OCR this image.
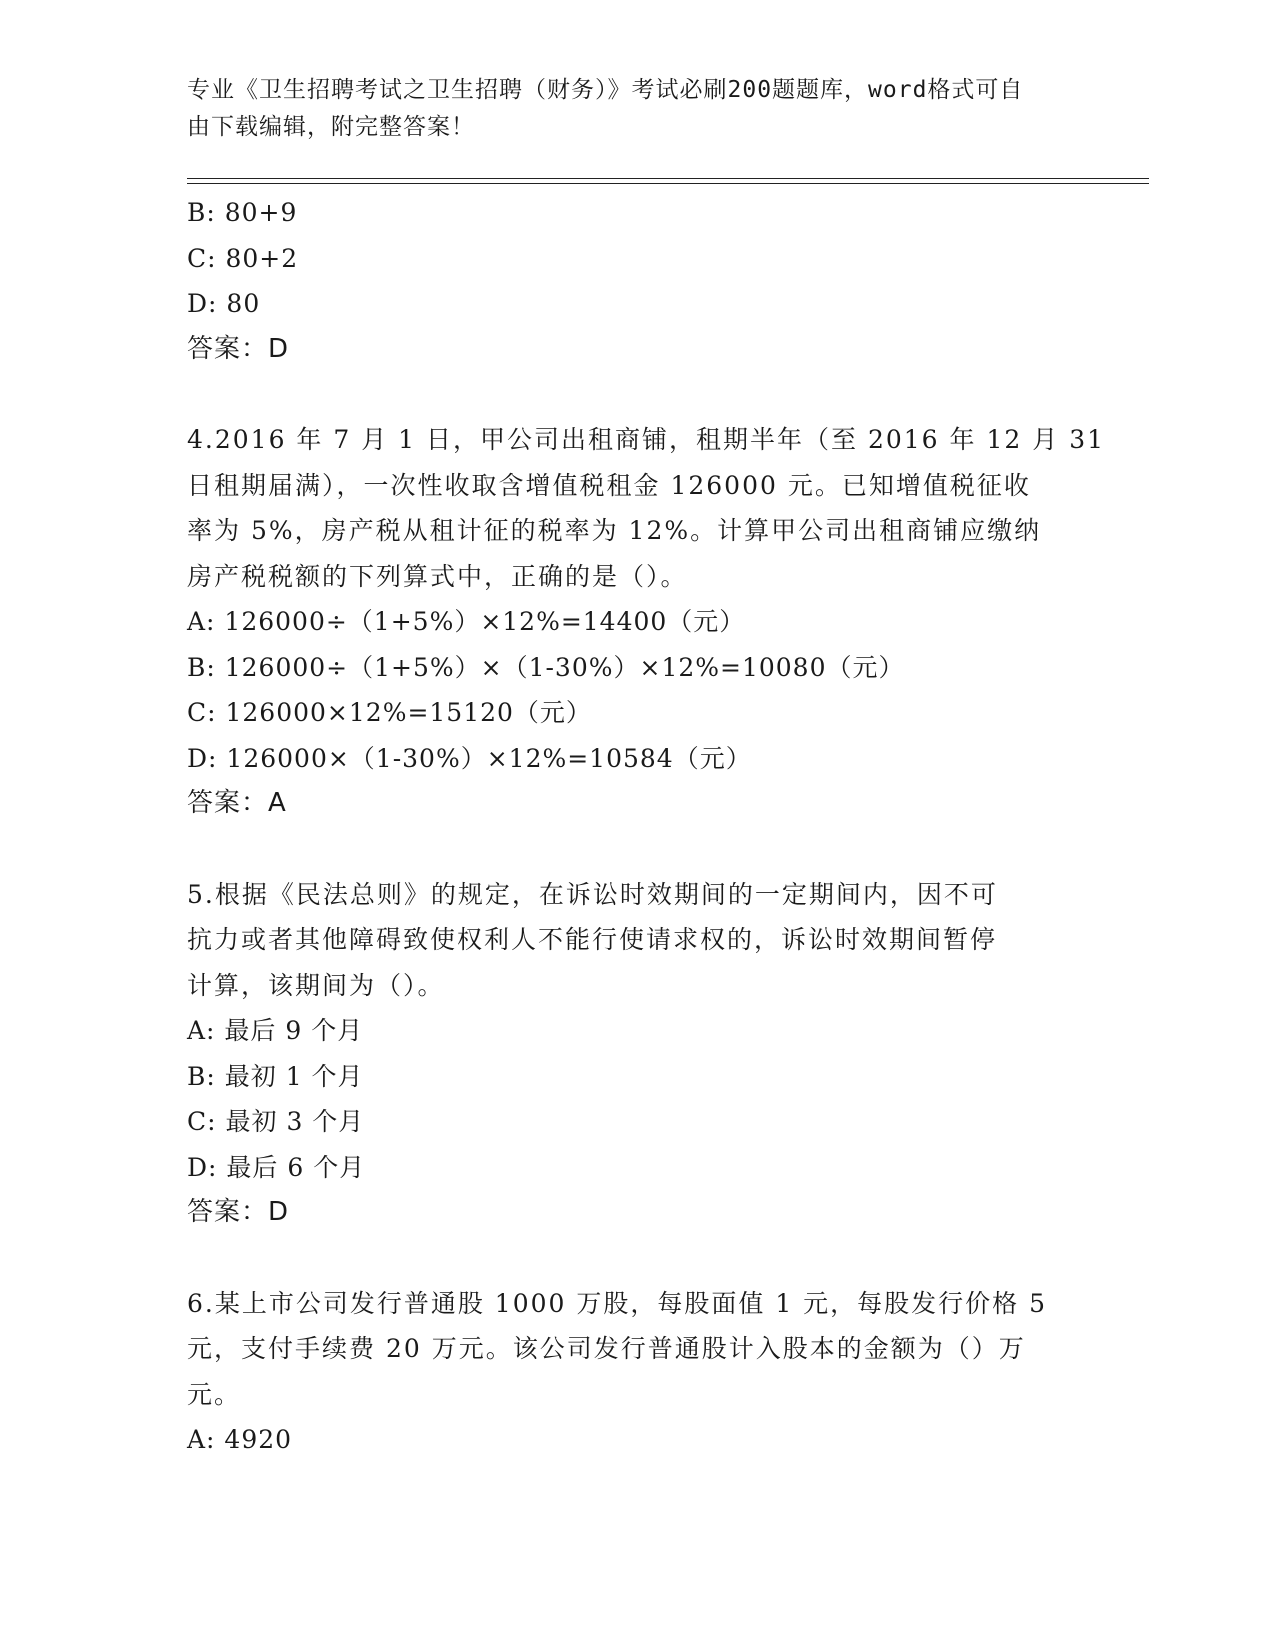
专业《卫生招聘考试之卫生招聘（财务）》考试必刷200题题库，word格式可自
由下载编辑，附完整答案！
B: 80+9
C: 80+2
D: 80
答案：D
4.2016 年 7 月 1 日，甲公司出租商铺，租期半年（至 2016 年 12 月 31
日租期届满），一次性收取含增值税租金 126000 元。已知增值税征收
率为 5%，房产税从租计征的税率为 12%。计算甲公司出租商铺应缴纳
房产税税额的下列算式中，正确的是（）。
A: 126000÷（1+5%）×12%=14400（元）
B: 126000÷（1+5%）×（1-30%）×12%=10080（元）
C: 126000×12%=15120（元）
D: 126000×（1-30%）×12%=10584（元）
答案：A
5.根据《民法总则》的规定，在诉讼时效期间的一定期间内，因不可
抗力或者其他障碍致使权利人不能行使请求权的，诉讼时效期间暂停
计算，该期间为（）。
A: 最后 9 个月
B: 最初 1 个月
C: 最初 3 个月
D: 最后 6 个月
答案：D
6.某上市公司发行普通股 1000 万股，每股面值 1 元，每股发行价格 5
元，支付手续费 20 万元。该公司发行普通股计入股本的金额为（）万
元。
A: 4920
